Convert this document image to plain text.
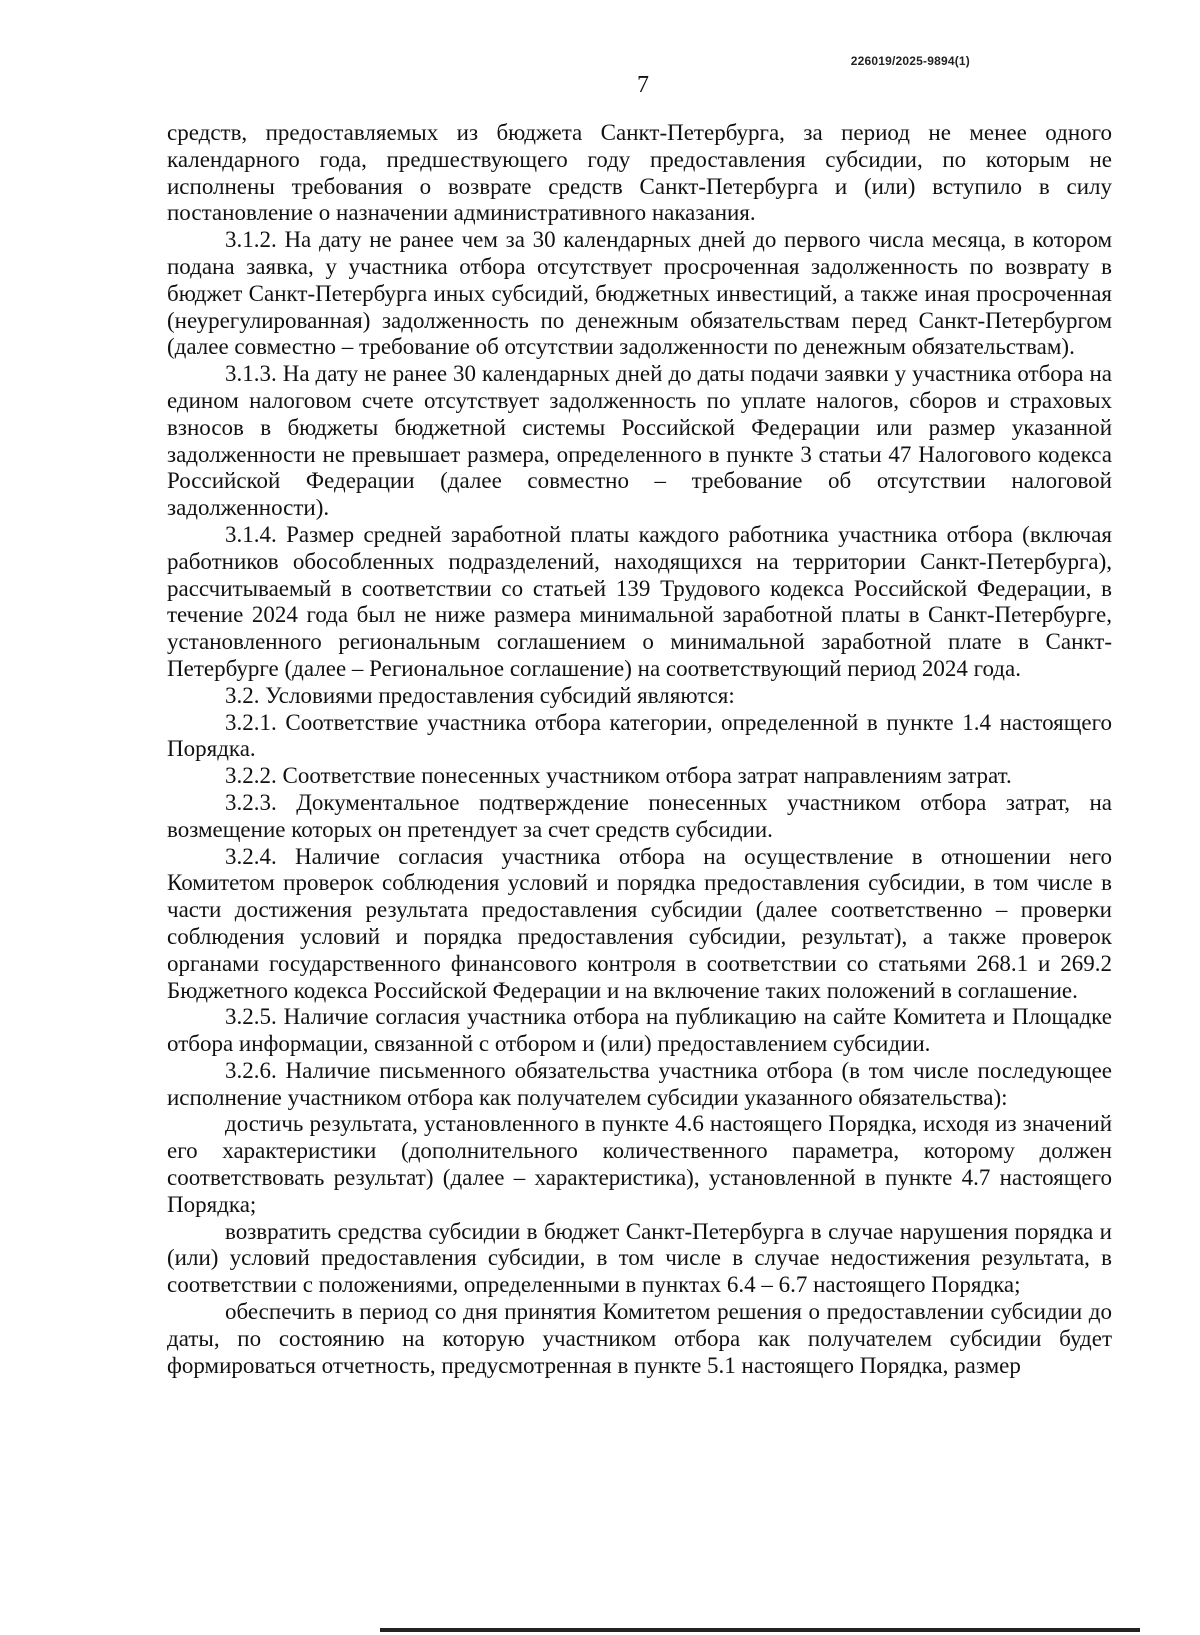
226019/2025-9894(1)
7

средств, предоставляемых из бюджета Санкт-Петербурга, за период не менее одного календарного года, предшествующего году предоставления субсидии, по которым не исполнены требования о возврате средств Санкт-Петербурга и (или) вступило в силу постановление о назначении административного наказания.

3.1.2. На дату не ранее чем за 30 календарных дней до первого числа месяца, в котором подана заявка, у участника отбора отсутствует просроченная задолженность по возврату в бюджет Санкт-Петербурга иных субсидий, бюджетных инвестиций, а также иная просроченная (неурегулированная) задолженность по денежным обязательствам перед Санкт-Петербургом (далее совместно – требование об отсутствии задолженности по денежным обязательствам).

3.1.3. На дату не ранее 30 календарных дней до даты подачи заявки у участника отбора на едином налоговом счете отсутствует задолженность по уплате налогов, сборов и страховых взносов в бюджеты бюджетной системы Российской Федерации или размер указанной задолженности не превышает размера, определенного в пункте 3 статьи 47 Налогового кодекса Российской Федерации (далее совместно – требование об отсутствии налоговой задолженности).

3.1.4. Размер средней заработной платы каждого работника участника отбора (включая работников обособленных подразделений, находящихся на территории Санкт-Петербурга), рассчитываемый в соответствии со статьей 139 Трудового кодекса Российской Федерации, в течение 2024 года был не ниже размера минимальной заработной платы в Санкт-Петербурге, установленного региональным соглашением о минимальной заработной плате в Санкт-Петербурге (далее – Региональное соглашение) на соответствующий период 2024 года.

3.2. Условиями предоставления субсидий являются:

3.2.1. Соответствие участника отбора категории, определенной в пункте 1.4 настоящего Порядка.

3.2.2. Соответствие понесенных участником отбора затрат направлениям затрат.

3.2.3. Документальное подтверждение понесенных участником отбора затрат, на возмещение которых он претендует за счет средств субсидии.

3.2.4. Наличие согласия участника отбора на осуществление в отношении него Комитетом проверок соблюдения условий и порядка предоставления субсидии, в том числе в части достижения результата предоставления субсидии (далее соответственно – проверки соблюдения условий и порядка предоставления субсидии, результат), а также проверок органами государственного финансового контроля в соответствии со статьями 268.1 и 269.2 Бюджетного кодекса Российской Федерации и на включение таких положений в соглашение.

3.2.5. Наличие согласия участника отбора на публикацию на сайте Комитета и Площадке отбора информации, связанной с отбором и (или) предоставлением субсидии.

3.2.6. Наличие письменного обязательства участника отбора (в том числе последующее исполнение участником отбора как получателем субсидии указанного обязательства):

достичь результата, установленного в пункте 4.6 настоящего Порядка, исходя из значений его характеристики (дополнительного количественного параметра, которому должен соответствовать результат) (далее – характеристика), установленной в пункте 4.7 настоящего Порядка;

возвратить средства субсидии в бюджет Санкт-Петербурга в случае нарушения порядка и (или) условий предоставления субсидии, в том числе в случае недостижения результата, в соответствии с положениями, определенными в пунктах 6.4 – 6.7 настоящего Порядка;

обеспечить в период со дня принятия Комитетом решения о предоставлении субсидии до даты, по состоянию на которую участником отбора как получателем субсидии будет формироваться отчетность, предусмотренная в пункте 5.1 настоящего Порядка, размер
